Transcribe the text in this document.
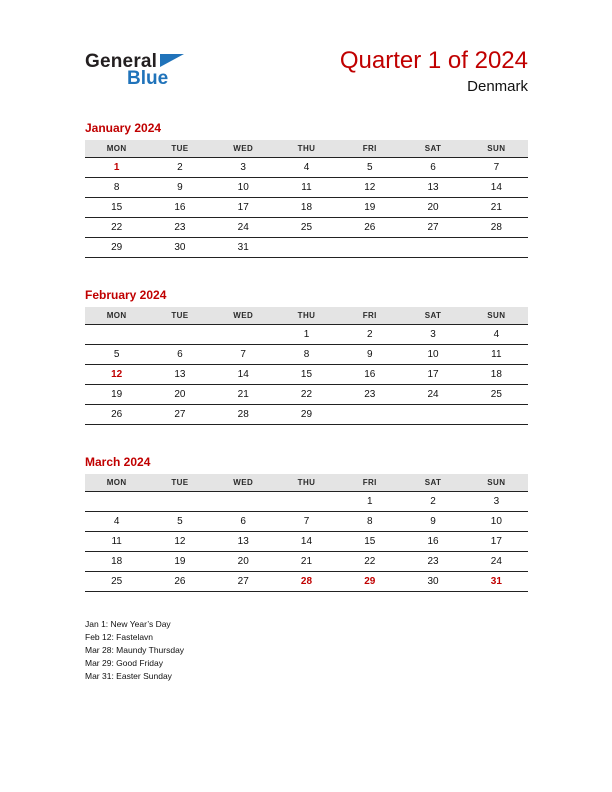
General
Blue
Quarter 1 of 2024
Denmark
January 2024
MON	TUE	WED	THU	FRI	SAT	SUN
1	2	3	4	5	6	7
8	9	10	11	12	13	14
15	16	17	18	19	20	21
22	23	24	25	26	27	28
29	30	31				
February 2024
MON	TUE	WED	THU	FRI	SAT	SUN
			1	2	3	4
5	6	7	8	9	10	11
12	13	14	15	16	17	18
19	20	21	22	23	24	25
26	27	28	29			
March 2024
MON	TUE	WED	THU	FRI	SAT	SUN
				1	2	3
4	5	6	7	8	9	10
11	12	13	14	15	16	17
18	19	20	21	22	23	24
25	26	27	28	29	30	31
Jan 1: New Year’s Day
Feb 12: Fastelavn
Mar 28: Maundy Thursday
Mar 29: Good Friday
Mar 31: Easter Sunday
